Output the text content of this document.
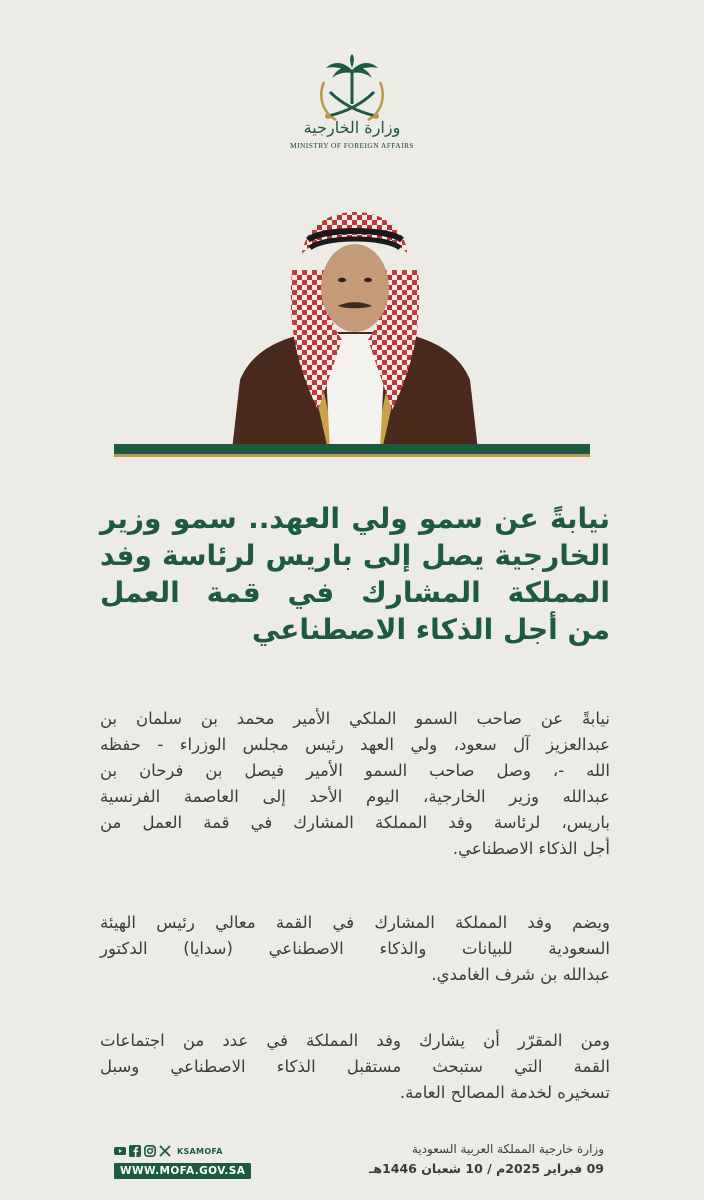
وزارة الخارجية
MINISTRY OF FOREIGN AFFAIRS
نيابةً عن سمو ولي العهد.. سمو وزير
الخارجية يصل إلى باريس لرئاسة وفد
المملكة المشارك في قمة العمل
من أجل الذكاء الاصطناعي
نيابةً عن صاحب السمو الملكي الأمير محمد بن سلمان بن
عبدالعزيز آل سعود، ولي العهد رئيس مجلس الوزراء - حفظه
الله -، وصل صاحب السمو الأمير فيصل بن فرحان بن
عبدالله وزير الخارجية، اليوم الأحد إلى العاصمة الفرنسية
باريس، لرئاسة وفد المملكة المشارك في قمة العمل من
أجل الذكاء الاصطناعي.
ويضم وفد المملكة المشارك في القمة معالي رئيس الهيئة
السعودية للبيانات والذكاء الاصطناعي (سدايا) الدكتور
عبدالله بن شرف الغامدي.
ومن المقرّر أن يشارك وفد المملكة في عدد من اجتماعات
القمة التي ستبحث مستقبل الذكاء الاصطناعي وسبل
تسخيره لخدمة المصالح العامة.
وزارة خارجية المملكة العربية السعودية
09 فبراير 2025م / 10 شعبان 1446هـ
KSAMOFA
WWW.MOFA.GOV.SA
